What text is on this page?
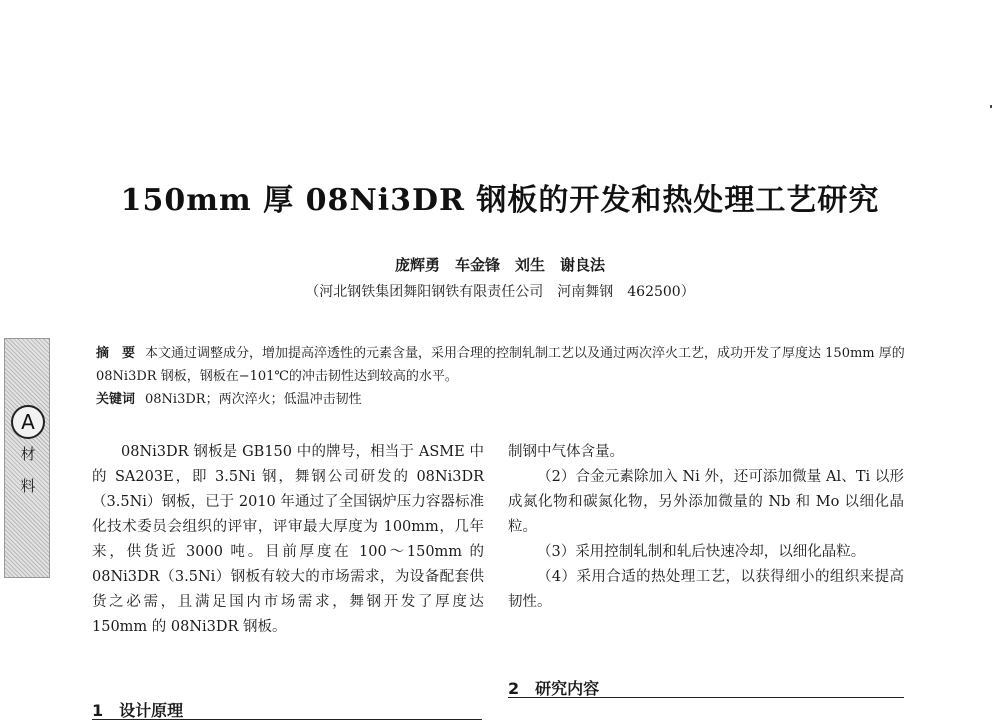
150mm 厚 08Ni3DR 钢板的开发和热处理工艺研究
庞辉勇　车金锋　刘生　谢良法
（河北钢铁集团舞阳钢铁有限责任公司　河南舞钢　462500）
A
材
料
摘　要 本文通过调整成分，增加提高淬透性的元素含量，采用合理的控制轧制工艺以及通过两次淬火工艺，成功开发了厚度达 150mm 厚的 08Ni3DR 钢板，钢板在−101℃的冲击韧性达到较高的水平。
关键词 08Ni3DR；两次淬火；低温冲击韧性

08Ni3DR 钢板是 GB150 中的牌号，相当于 ASME 中的 SA203E，即 3.5Ni 钢，舞钢公司研发的 08Ni3DR（3.5Ni）钢板，已于 2010 年通过了全国锅炉压力容器标准化技术委员会组织的评审，评审最大厚度为 100mm，几年来，供货近 3000 吨。目前厚度在 100～150mm 的 08Ni3DR（3.5Ni）钢板有较大的市场需求，为设备配套供货之必需，且满足国内市场需求，舞钢开发了厚度达 150mm 的 08Ni3DR 钢板。

制钢中气体含量。

（2）合金元素除加入 Ni 外，还可添加微量 Al、Ti 以形成氮化物和碳氮化物，另外添加微量的 Nb 和 Mo 以细化晶粒。

（3）采用控制轧制和轧后快速冷却，以细化晶粒。

（4）采用合适的热处理工艺，以获得细小的组织来提高韧性。

2　研究内容
1　设计原理
